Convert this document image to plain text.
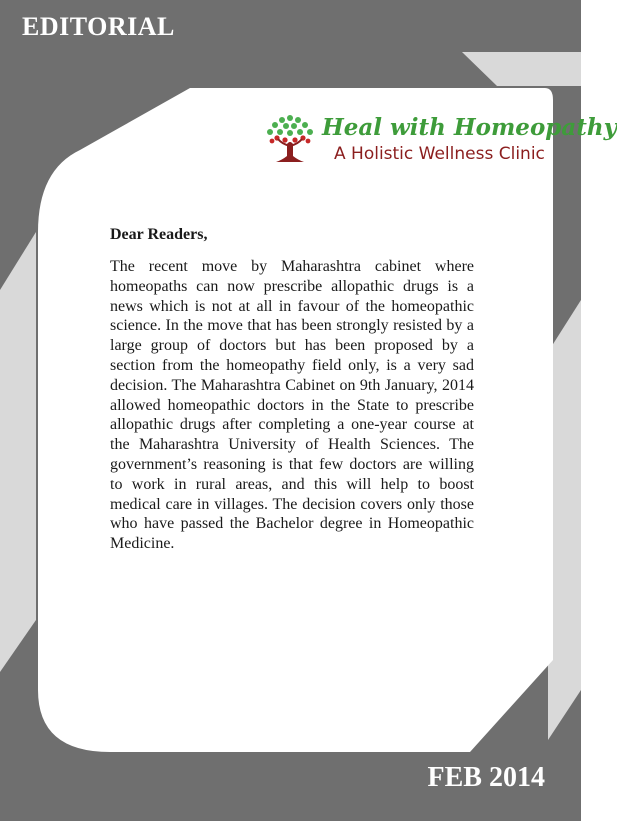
EDITORIAL
Heal with Homeopathy
A Holistic Wellness Clinic
Dear Readers,

The recent move by Maharashtra cabinet where homeopaths can now prescribe allopathic drugs is a news which is not at all in favour of the homeopathic science. In the move that has been strongly resisted by a large group of doctors but has been proposed by a section from the homeopathy field only, is a very sad decision. The Maharashtra Cabinet on 9th January, 2014 allowed homeopathic doctors in the State to prescribe allopathic drugs after completing a one-year course at the Maharashtra University of Health Sciences. The government’s reasoning is that few doctors are willing to work in rural areas, and this will help to boost medical care in villages. The decision covers only those who have passed the Bachelor degree in Homeopathic Medicine.

FEB 2014
